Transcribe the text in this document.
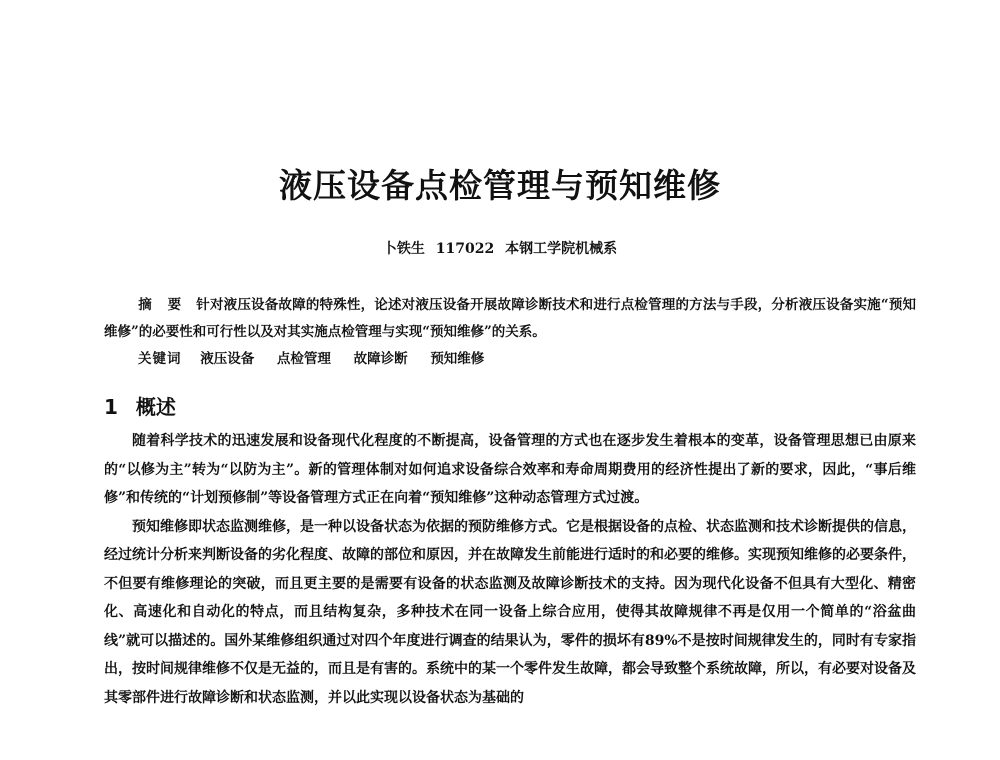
液压设备点检管理与预知维修
卜铁生 117022 本钢工学院机械系

摘　要 针对液压设备故障的特殊性，论述对液压设备开展故障诊断技术和进行点检管理的方法与手段，分析液压设备实施“预知维修”的必要性和可行性以及对其实施点检管理与实现“预知维修”的关系。

关键词 液压设备 点检管理 故障诊断 预知维修
1 概述

随着科学技术的迅速发展和设备现代化程度的不断提高，设备管理的方式也在逐步发生着根本的变革，设备管理思想已由原来的“以修为主”转为“以防为主”。新的管理体制对如何追求设备综合效率和寿命周期费用的经济性提出了新的要求，因此，“事后维修”和传统的“计划预修制”等设备管理方式正在向着“预知维修”这种动态管理方式过渡。

预知维修即状态监测维修，是一种以设备状态为依据的预防维修方式。它是根据设备的点检、状态监测和技术诊断提供的信息，经过统计分析来判断设备的劣化程度、故障的部位和原因，并在故障发生前能进行适时的和必要的维修。实现预知维修的必要条件，不但要有维修理论的突破，而且更主要的是需要有设备的状态监测及故障诊断技术的支持。因为现代化设备不但具有大型化、精密化、高速化和自动化的特点，而且结构复杂，多种技术在同一设备上综合应用，使得其故障规律不再是仅用一个简单的“浴盆曲线”就可以描述的。国外某维修组织通过对四个年度进行调查的结果认为，零件的损坏有89%不是按时间规律发生的，同时有专家指出，按时间规律维修不仅是无益的，而且是有害的。系统中的某一个零件发生故障，都会导致整个系统故障，所以，有必要对设备及其零部件进行故障诊断和状态监测，并以此实现以设备状态为基础的
